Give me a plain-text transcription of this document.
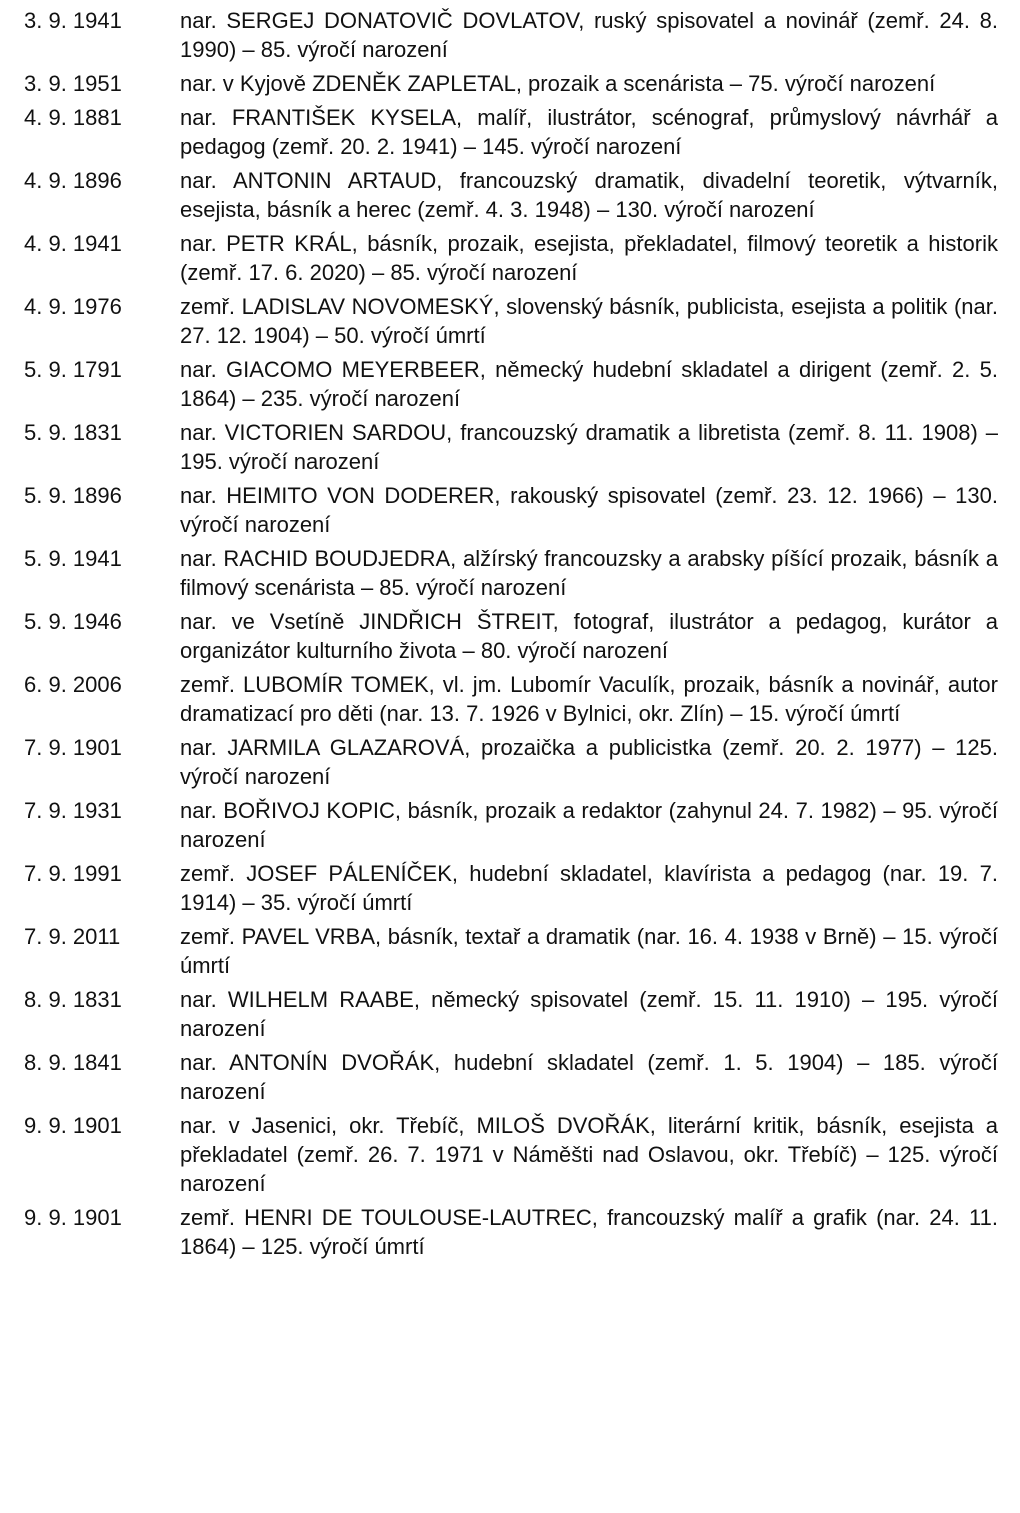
3. 9. 1941	nar. SERGEJ DONATOVIČ DOVLATOV, ruský spisovatel a novinář (zemř. 24. 8. 1990) – 85. výročí narození
3. 9. 1951	nar. v Kyjově ZDENĚK ZAPLETAL, prozaik a scenárista – 75. výročí narození
4. 9. 1881	nar. FRANTIŠEK KYSELA, malíř, ilustrátor, scénograf, průmyslový návrhář a pedagog (zemř. 20. 2. 1941) – 145. výročí narození
4. 9. 1896	nar. ANTONIN ARTAUD, francouzský dramatik, divadelní teoretik, výtvarník, esejista, básník a herec (zemř. 4. 3. 1948) – 130. výročí narození
4. 9. 1941	nar. PETR KRÁL, básník, prozaik, esejista, překladatel, filmový teoretik a historik (zemř. 17. 6. 2020) – 85. výročí narození
4. 9. 1976	zemř. LADISLAV NOVOMESKÝ, slovenský básník, publicista, esejista a politik (nar. 27. 12. 1904) – 50. výročí úmrtí
5. 9. 1791	nar. GIACOMO MEYERBEER, německý hudební skladatel a dirigent (zemř. 2. 5. 1864) – 235. výročí narození
5. 9. 1831	nar. VICTORIEN SARDOU, francouzský dramatik a libretista (zemř. 8. 11. 1908) – 195. výročí narození
5. 9. 1896	nar. HEIMITO VON DODERER, rakouský spisovatel (zemř. 23. 12. 1966) – 130. výročí narození
5. 9. 1941	nar. RACHID BOUDJEDRA, alžírský francouzsky a arabsky píšící prozaik, básník a filmový scenárista – 85. výročí narození
5. 9. 1946	nar. ve Vsetíně JINDŘICH ŠTREIT, fotograf, ilustrátor a pedagog, kurátor a organizátor kulturního života – 80. výročí narození
6. 9. 2006	zemř. LUBOMÍR TOMEK, vl. jm. Lubomír Vaculík, prozaik, básník a novinář, autor dramatizací pro děti (nar. 13. 7. 1926 v Bylnici, okr. Zlín) – 15. výročí úmrtí
7. 9. 1901	nar. JARMILA GLAZAROVÁ, prozaička a publicistka (zemř. 20. 2. 1977) – 125. výročí narození
7. 9. 1931	nar. BOŘIVOJ KOPIC, básník, prozaik a redaktor (zahynul 24. 7. 1982) – 95. výročí narození
7. 9. 1991	zemř. JOSEF PÁLENÍČEK, hudební skladatel, klavírista a pedagog (nar. 19. 7. 1914) – 35. výročí úmrtí
7. 9. 2011	zemř. PAVEL VRBA, básník, textař a dramatik (nar. 16. 4. 1938 v Brně) – 15. výročí úmrtí
8. 9. 1831	nar. WILHELM RAABE, německý spisovatel (zemř. 15. 11. 1910) – 195. výročí narození
8. 9. 1841	nar. ANTONÍN DVOŘÁK, hudební skladatel (zemř. 1. 5. 1904) – 185. výročí narození
9. 9. 1901	nar. v Jasenici, okr. Třebíč, MILOŠ DVOŘÁK, literární kritik, básník, esejista a překladatel (zemř. 26. 7. 1971 v Náměšti nad Oslavou, okr. Třebíč) – 125. výročí narození
9. 9. 1901	zemř. HENRI DE TOULOUSE-LAUTREC, francouzský malíř a grafik (nar. 24. 11. 1864) – 125. výročí úmrtí
